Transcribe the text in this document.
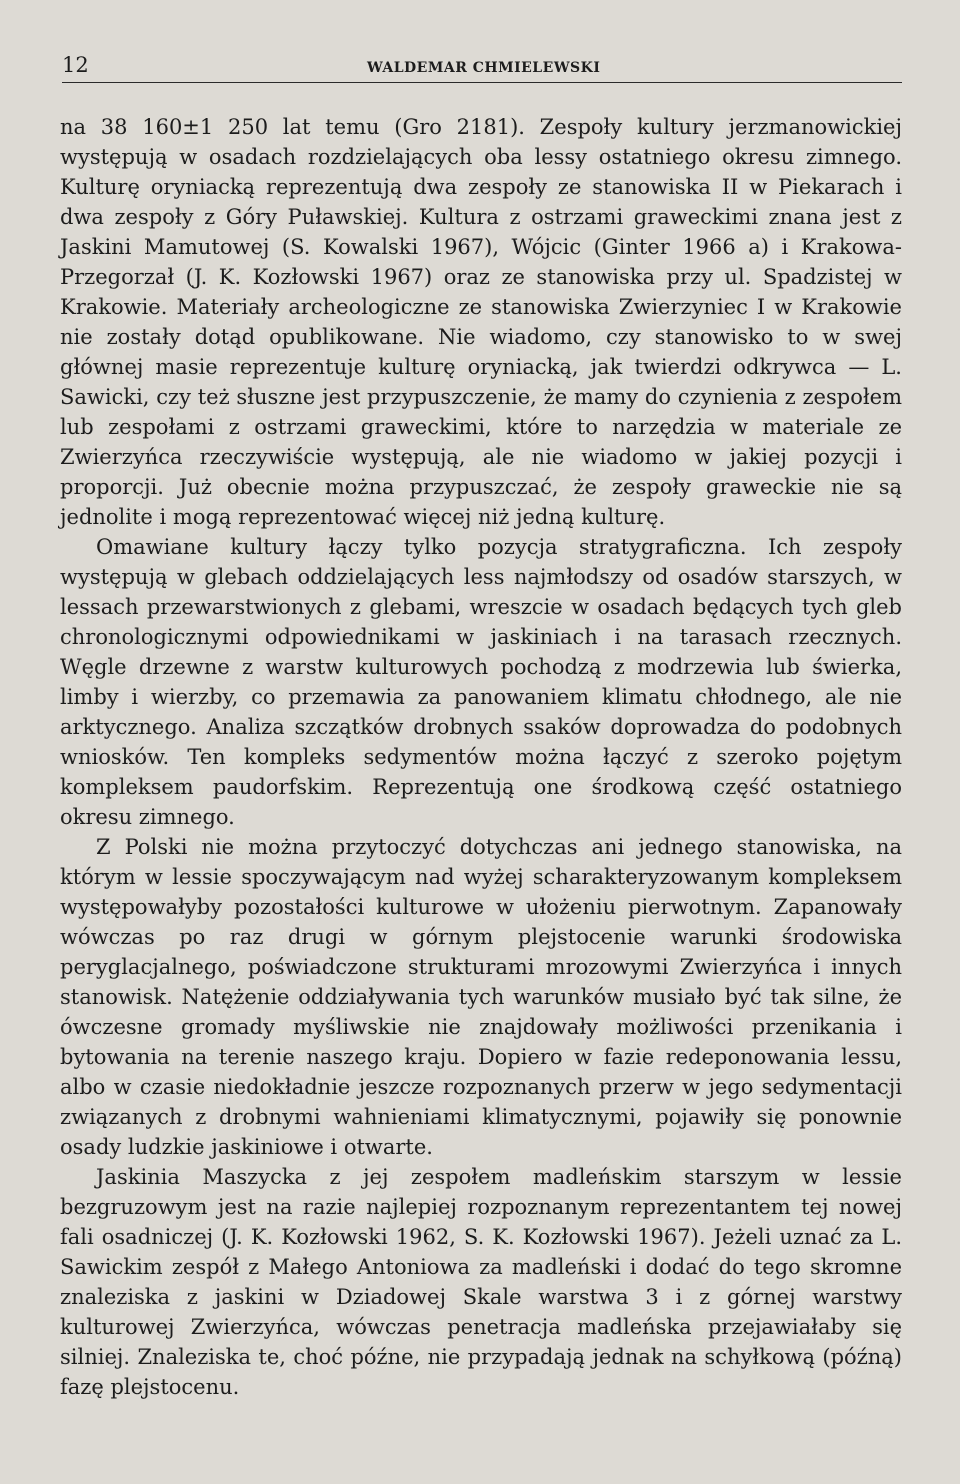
12	WALDEMAR CHMIELEWSKI

na 38 160±1 250 lat temu (Gro 2181). Zespoły kultury jerzmanowickiej występują w osadach rozdzielających oba lessy ostatniego okresu zimnego. Kulturę oryniacką reprezentują dwa zespoły ze stanowiska II w Piekarach i dwa zespoły z Góry Puławskiej. Kultura z ostrzami graweckimi znana jest z Jaskini Mamutowej (S. Kowalski 1967), Wójcic (Ginter 1966 a) i Krakowa-Przegorzał (J. K. Kozłowski 1967) oraz ze stanowiska przy ul. Spadzistej w Krakowie. Materiały archeologiczne ze stanowiska Zwierzyniec I w Krakowie nie zostały dotąd opublikowane. Nie wiadomo, czy stanowisko to w swej głównej masie reprezentuje kulturę oryniacką, jak twierdzi odkrywca — L. Sawicki, czy też słuszne jest przypuszczenie, że mamy do czynienia z zespołem lub zespołami z ostrzami graweckimi, które to narzędzia w materiale ze Zwierzyńca rzeczywiście występują, ale nie wiadomo w jakiej pozycji i proporcji. Już obecnie można przypuszczać, że zespoły graweckie nie są jednolite i mogą reprezentować więcej niż jedną kulturę.

Omawiane kultury łączy tylko pozycja stratygraficzna. Ich zespoły występują w glebach oddzielających less najmłodszy od osadów starszych, w lessach przewarstwionych z glebami, wreszcie w osadach będących tych gleb chronologicznymi odpowiednikami w jaskiniach i na tarasach rzecznych. Węgle drzewne z warstw kulturowych pochodzą z modrzewia lub świerka, limby i wierzby, co przemawia za panowaniem klimatu chłodnego, ale nie arktycznego. Analiza szczątków drobnych ssaków doprowadza do podobnych wniosków. Ten kompleks sedymentów można łączyć z szeroko pojętym kompleksem paudorfskim. Reprezentują one środkową część ostatniego okresu zimnego.

Z Polski nie można przytoczyć dotychczas ani jednego stanowiska, na którym w lessie spoczywającym nad wyżej scharakteryzowanym kompleksem występowałyby pozostałości kulturowe w ułożeniu pierwotnym. Zapanowały wówczas po raz drugi w górnym plejstocenie warunki środowiska peryglacjalnego, poświadczone strukturami mrozowymi Zwierzyńca i innych stanowisk. Natężenie oddziaływania tych warunków musiało być tak silne, że ówczesne gromady myśliwskie nie znajdowały możliwości przenikania i bytowania na terenie naszego kraju. Dopiero w fazie redeponowania lessu, albo w czasie niedokładnie jeszcze rozpoznanych przerw w jego sedymentacji związanych z drobnymi wahnieniami klimatycznymi, pojawiły się ponownie osady ludzkie jaskiniowe i otwarte.

Jaskinia Maszycka z jej zespołem madleńskim starszym w lessie bezgruzowym jest na razie najlepiej rozpoznanym reprezentantem tej nowej fali osadniczej (J. K. Kozłowski 1962, S. K. Kozłowski 1967). Jeżeli uznać za L. Sawickim zespół z Małego Antoniowa za madleński i dodać do tego skromne znaleziska z jaskini w Dziadowej Skale warstwa 3 i z górnej warstwy kulturowej Zwierzyńca, wówczas penetracja madleńska przejawiałaby się silniej. Znaleziska te, choć późne, nie przypadają jednak na schyłkową (późną) fazę plejstocenu.
